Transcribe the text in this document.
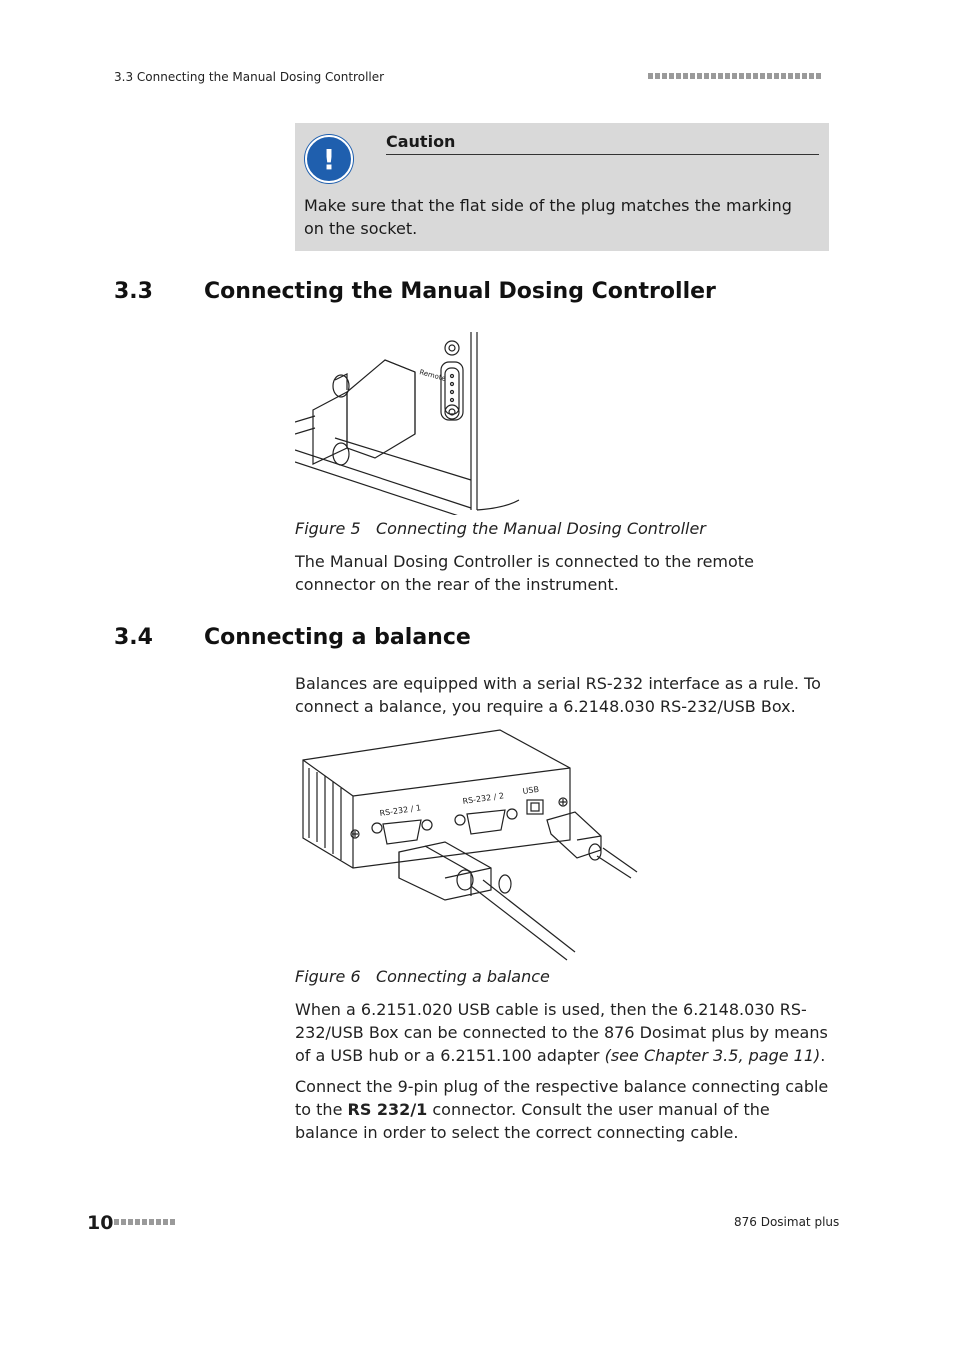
3.3 Connecting the Manual Dosing Controller
!
Caution
Make sure that the flat side of the plug matches the marking on the socket.
3.3 Connecting the Manual Dosing Controller
Remote
Figure 5 Connecting the Manual Dosing Controller
The Manual Dosing Controller is connected to the remote connector on the rear of the instrument.
3.4 Connecting a balance
Balances are equipped with a serial RS-232 interface as a rule. To connect a balance, you require a 6.2148.030 RS-232/USB Box.
RS-232 / 1
RS-232 / 2
USB
Figure 6 Connecting a balance
When a 6.2151.020 USB cable is used, then the 6.2148.030 RS-232/USB Box can be connected to the 876 Dosimat plus by means of a USB hub or a 6.2151.100 adapter (see Chapter 3.5, page 11).
Connect the 9-pin plug of the respective balance connecting cable to the RS 232/1 connector. Consult the user manual of the balance in order to select the correct connecting cable.
10	876 Dosimat plus
